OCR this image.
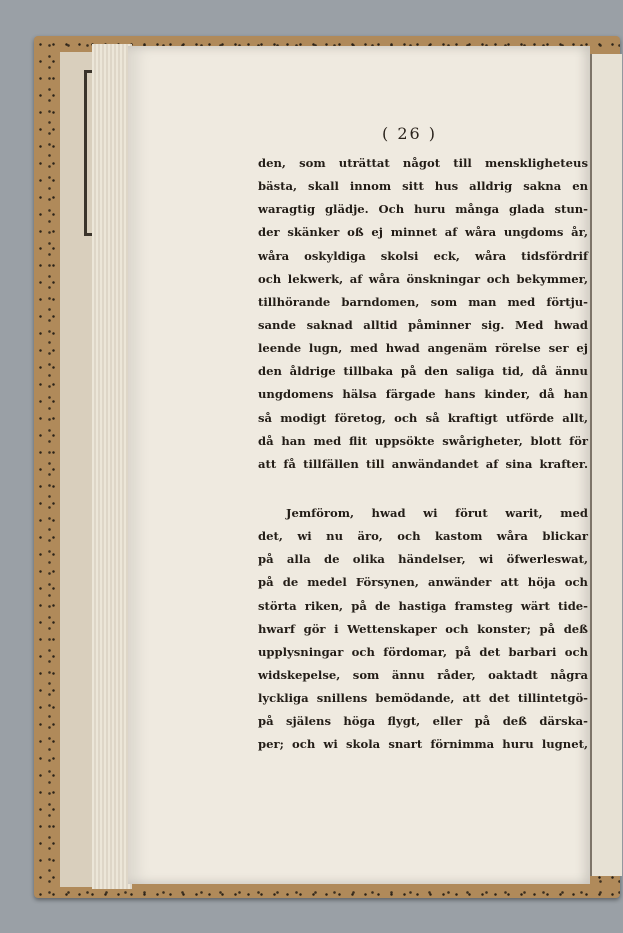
( 26 )
den, som uträttat något till menskligheteus
bästa, skall innom sitt hus alldrig sakna en
waragtig glädje. Och huru många glada stun-
der skänker oß ej minnet af wåra ungdoms år,
wåra oskyldiga skolsi eck, wåra tidsfördrif
och lekwerk, af wåra önskningar och bekymmer,
tillhörande barndomen, som man med förtju-
sande saknad alltid påminner sig. Med hwad
leende lugn, med hwad angenäm rörelse ser ej
den åldrige tillbaka på den saliga tid, då ännu
ungdomens hälsa färgade hans kinder, då han
så modigt företog, och så kraftigt utförde allt,
då han med flit uppsökte swårigheter, blott för
att få tillfällen till anwändandet af sina krafter.
Jemförom, hwad wi förut warit, med
det, wi nu äro, och kastom wåra blickar
på alla de olika händelser, wi öfwerleswat,
på de medel Försynen, anwänder att höja och
störta riken, på de hastiga framsteg wärt tide-
hwarf gör i Wettenskaper och konster; på deß
upplysningar och fördomar, på det barbari och
widskepelse, som ännu råder, oaktadt några
lyckliga snillens bemödande, att det tillintetgö-
på själens höga flygt, eller på deß därska-
per; och wi skola snart förnimma huru lugnet,
